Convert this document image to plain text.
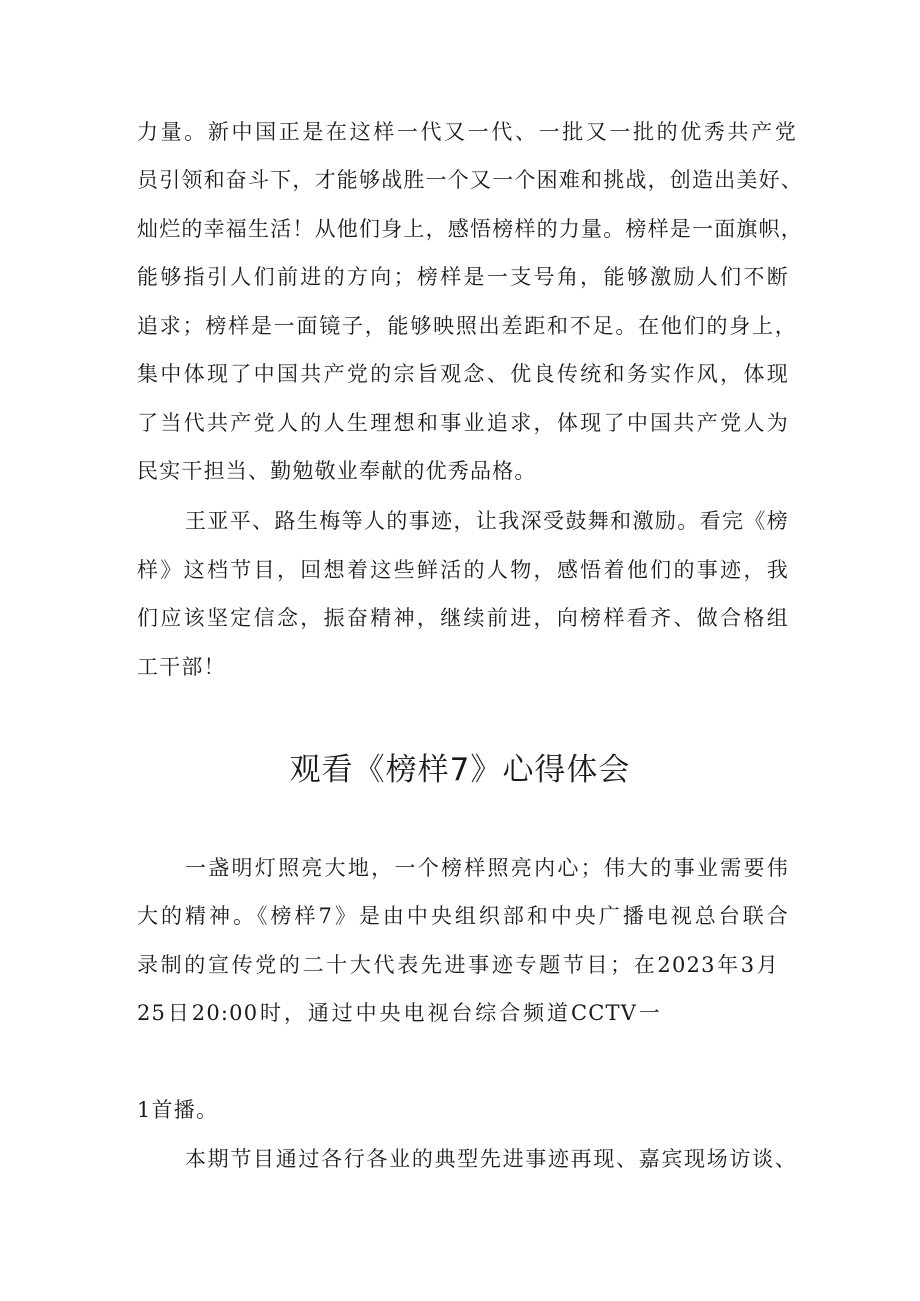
力量。新中国正是在这样一代又一代、一批又一批的优秀共产党

员引领和奋斗下，才能够战胜一个又一个困难和挑战，创造出美好、

灿烂的幸福生活！从他们身上，感悟榜样的力量。榜样是一面旗帜，

能够指引人们前进的方向；榜样是一支号角，能够激励人们不断

追求；榜样是一面镜子，能够映照出差距和不足。在他们的身上，

集中体现了中国共产党的宗旨观念、优良传统和务实作风，体现

了当代共产党人的人生理想和事业追求，体现了中国共产党人为

民实干担当、勤勉敬业奉献的优秀品格。

王亚平、路生梅等人的事迹，让我深受鼓舞和激励。看完《榜

样》这档节目，回想着这些鲜活的人物，感悟着他们的事迹，我

们应该坚定信念，振奋精神，继续前进，向榜样看齐、做合格组

工干部！

观看《榜样7》心得体会

一盏明灯照亮大地，一个榜样照亮内心；伟大的事业需要伟

大的精神。《榜样7》是由中央组织部和中央广播电视总台联合

录制的宣传党的二十大代表先进事迹专题节目；在2023年3月

25日20:00时，通过中央电视台综合频道CCTV一

1首播。

本期节目通过各行各业的典型先进事迹再现、嘉宾现场访谈、
